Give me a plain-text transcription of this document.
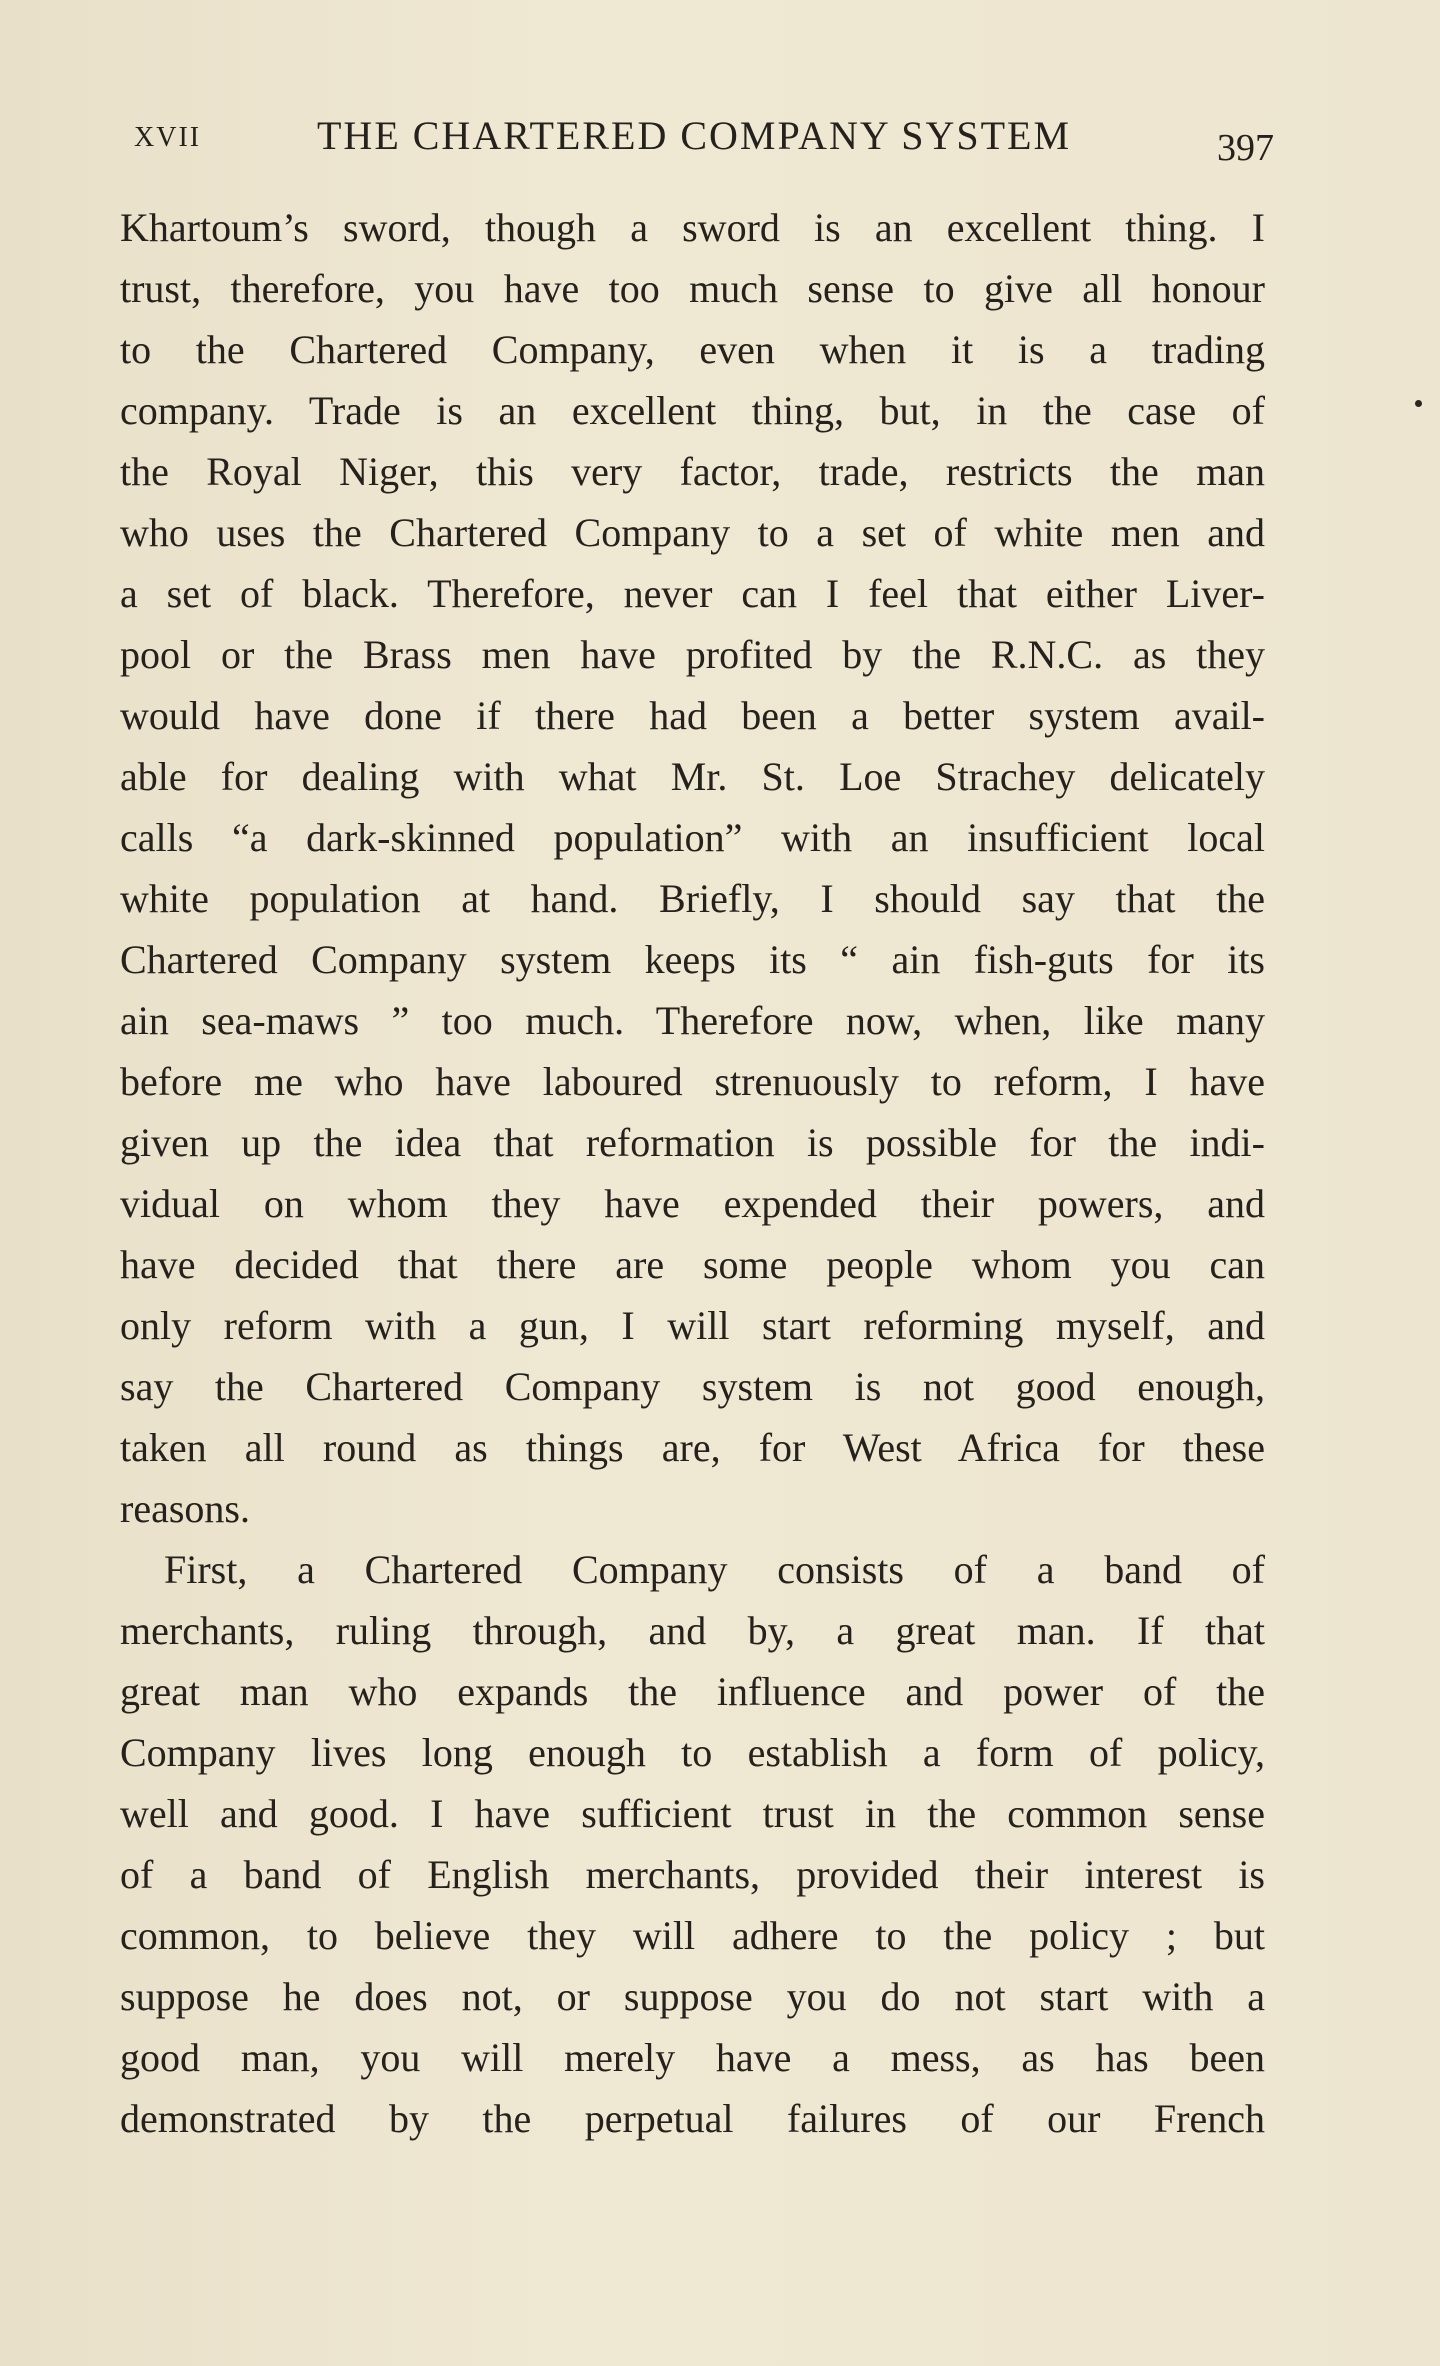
XVII	THE CHARTERED COMPANY SYSTEM	397
Khartoum’s sword, though a sword is an excellent thing. I
trust, therefore, you have too much sense to give all honour
to the Chartered Company, even when it is a trading
company. Trade is an excellent thing, but, in the case of
the Royal Niger, this very factor, trade, restricts the man
who uses the Chartered Company to a set of white men and
a set of black. Therefore, never can I feel that either Liver-
pool or the Brass men have profited by the R.N.C. as they
would have done if there had been a better system avail-
able for dealing with what Mr. St. Loe Strachey delicately
calls “a dark-skinned population” with an insufficient local
white population at hand. Briefly, I should say that the
Chartered Company system keeps its “ ain fish-guts for its
ain sea-maws ” too much. Therefore now, when, like many
before me who have laboured strenuously to reform, I have
given up the idea that reformation is possible for the indi-
vidual on whom they have expended their powers, and
have decided that there are some people whom you can
only reform with a gun, I will start reforming myself, and
say the Chartered Company system is not good enough,
taken all round as things are, for West Africa for these
reasons.
First, a Chartered Company consists of a band of
merchants, ruling through, and by, a great man. If that
great man who expands the influence and power of the
Company lives long enough to establish a form of policy,
well and good. I have sufficient trust in the common sense
of a band of English merchants, provided their interest is
common, to believe they will adhere to the policy ; but
suppose he does not, or suppose you do not start with a
good man, you will merely have a mess, as has been
demonstrated by the perpetual failures of our French
